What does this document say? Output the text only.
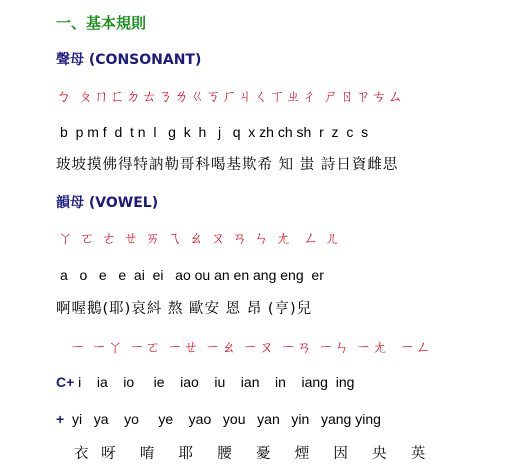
一、基本規則
聲母 (CONSONANT)
ㄅ ㄆㄇㄈㄉㄊㄋㄌㄍㄎㄏㄐㄑㄒㄓㄔ ㄕㄖㄗㄘㄙ
b  p m f  d  t n  l   g  k  h   j   q  x zh ch sh  r  z  c  s
玻坡摸佛得特訥勒哥科喝基欺希 知 蚩 詩日資雌思
韻母 (VOWEL)
ㄚ ㄛ ㄜ ㄝ ㄞ ㄟ ㄠ ㄡ ㄢ ㄣ ㄤ  ㄥ ㄦ
a   o   e   e  ai  ei   ao ou an en ang eng  er
啊喔鵝(耶)哀紏 熬 歐安 恩 昂 (亨)兒
ㄧ ㄧㄚ ㄧㄛ ㄧㄝ ㄧㄠ ㄧㄡ ㄧㄢ ㄧㄣ ㄧㄤ  ㄧㄥ
C+ i    ia    io     ie    iao    iu    ian    in    iang  ing
+  yi   ya    yo     ye    yao   you   yan   yin   yang ying
衣 呀  唷  耶  腰  憂  煙  因  央  英
